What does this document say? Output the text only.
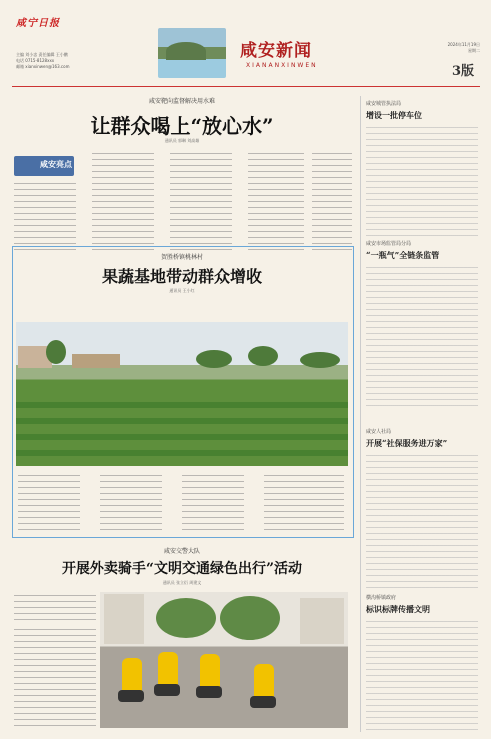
咸宁日报
主编 刘小忠 责任编辑 王小鹏
电话 0715-8128xxx
邮箱 xianxinwen@163.com
咸安新闻
XIANANXINWEN
2024年11月19日
星期二
3版
咸安靶向监督解决用水难
让群众喝上“放心水”
通讯员 郭琳 刘高雄
咸安亮点
贺胜桥镇桃林村
果蔬基地带动群众增收
通讯员 王小红
咸安交警大队
开展外卖骑手“文明交通绿色出行”活动
通讯员 张立衍 周建文
咸安城管执法局
增设一批停车位
咸安市场监管局分局
“一瓶气”全链条监管
咸安人社局
开展“社保服务进万家”
横沟桥镇政府
标识标牌传播文明
